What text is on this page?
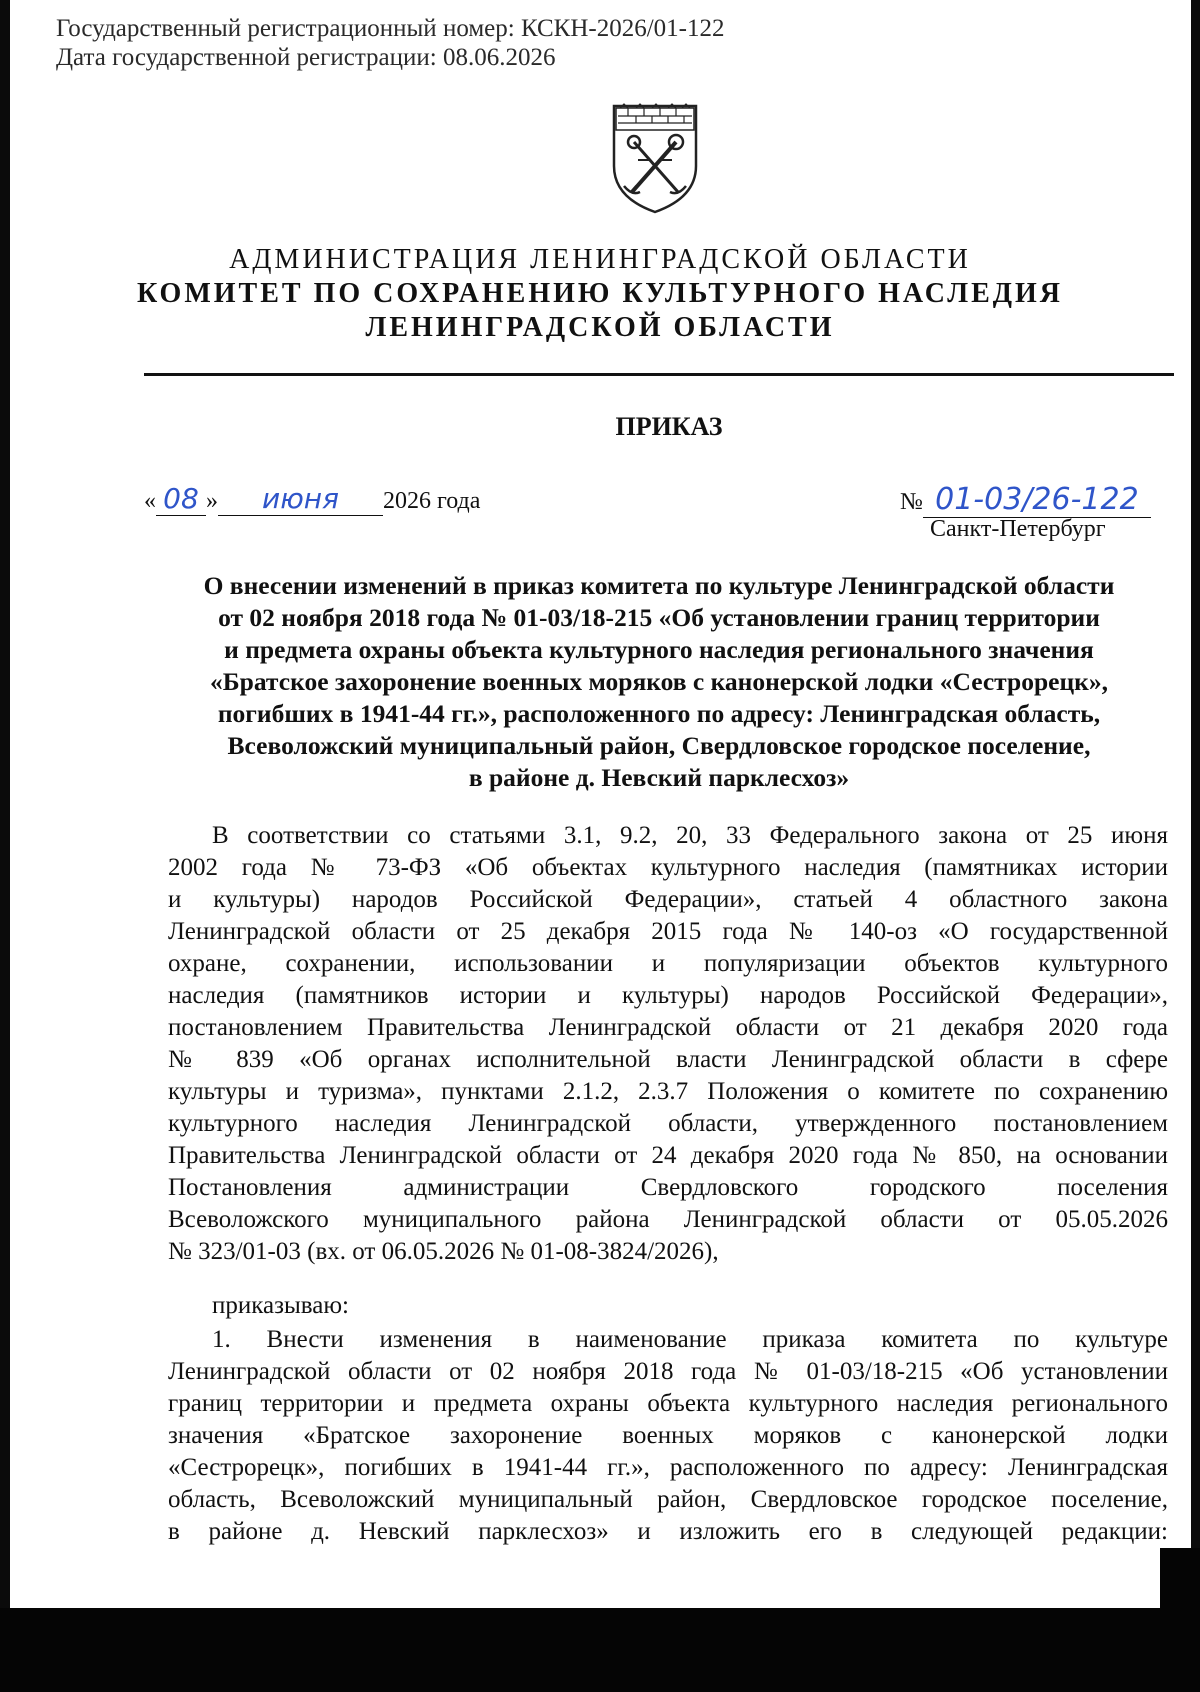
Государственный регистрационный номер: КСКН-2026/01-122
Дата государственной регистрации: 08.06.2026
АДМИНИСТРАЦИЯ ЛЕНИНГРАДСКОЙ ОБЛАСТИ
КОМИТЕТ ПО СОХРАНЕНИЮ КУЛЬТУРНОГО НАСЛЕДИЯ
ЛЕНИНГРАДСКОЙ ОБЛАСТИ
ПРИКАЗ
« 08 » июня 2026 года	№ 01-03/26-122
Санкт-Петербург
О внесении изменений в приказ комитета по культуре Ленинградской области
от 02 ноября 2018 года № 01-03/18-215 «Об установлении границ территории
и предмета охраны объекта культурного наследия регионального значения
«Братское захоронение военных моряков с канонерской лодки «Сестрорецк»,
погибших в 1941-44 гг.», расположенного по адресу: Ленинградская область,
Всеволожский муниципальный район, Свердловское городское поселение,
в районе д. Невский парклесхоз»
В соответствии со статьями 3.1, 9.2, 20, 33 Федерального закона от 25 июня
2002 года № 73-ФЗ «Об объектах культурного наследия (памятниках истории
и культуры) народов Российской Федерации», статьей 4 областного закона
Ленинградской области от 25 декабря 2015 года № 140-оз «О государственной
охране, сохранении, использовании и популяризации объектов культурного
наследия (памятников истории и культуры) народов Российской Федерации»,
постановлением Правительства Ленинградской области от 21 декабря 2020 года
№ 839 «Об органах исполнительной власти Ленинградской области в сфере
культуры и туризма», пунктами 2.1.2, 2.3.7 Положения о комитете по сохранению
культурного наследия Ленинградской области, утвержденного постановлением
Правительства Ленинградской области от 24 декабря 2020 года № 850, на основании
Постановления администрации Свердловского городского поселения
Всеволожского муниципального района Ленинградской области от 05.05.2026
№ 323/01-03 (вх. от 06.05.2026 № 01-08-3824/2026),
приказываю:
1. Внести изменения в наименование приказа комитета по культуре
Ленинградской области от 02 ноября 2018 года № 01-03/18-215 «Об установлении
границ территории и предмета охраны объекта культурного наследия регионального
значения «Братское захоронение военных моряков с канонерской лодки
«Сестрорецк», погибших в 1941-44 гг.», расположенного по адресу: Ленинградская
область, Всеволожский муниципальный район, Свердловское городское поселение,
в районе д. Невский парклесхоз» и изложить его в следующей редакции:
